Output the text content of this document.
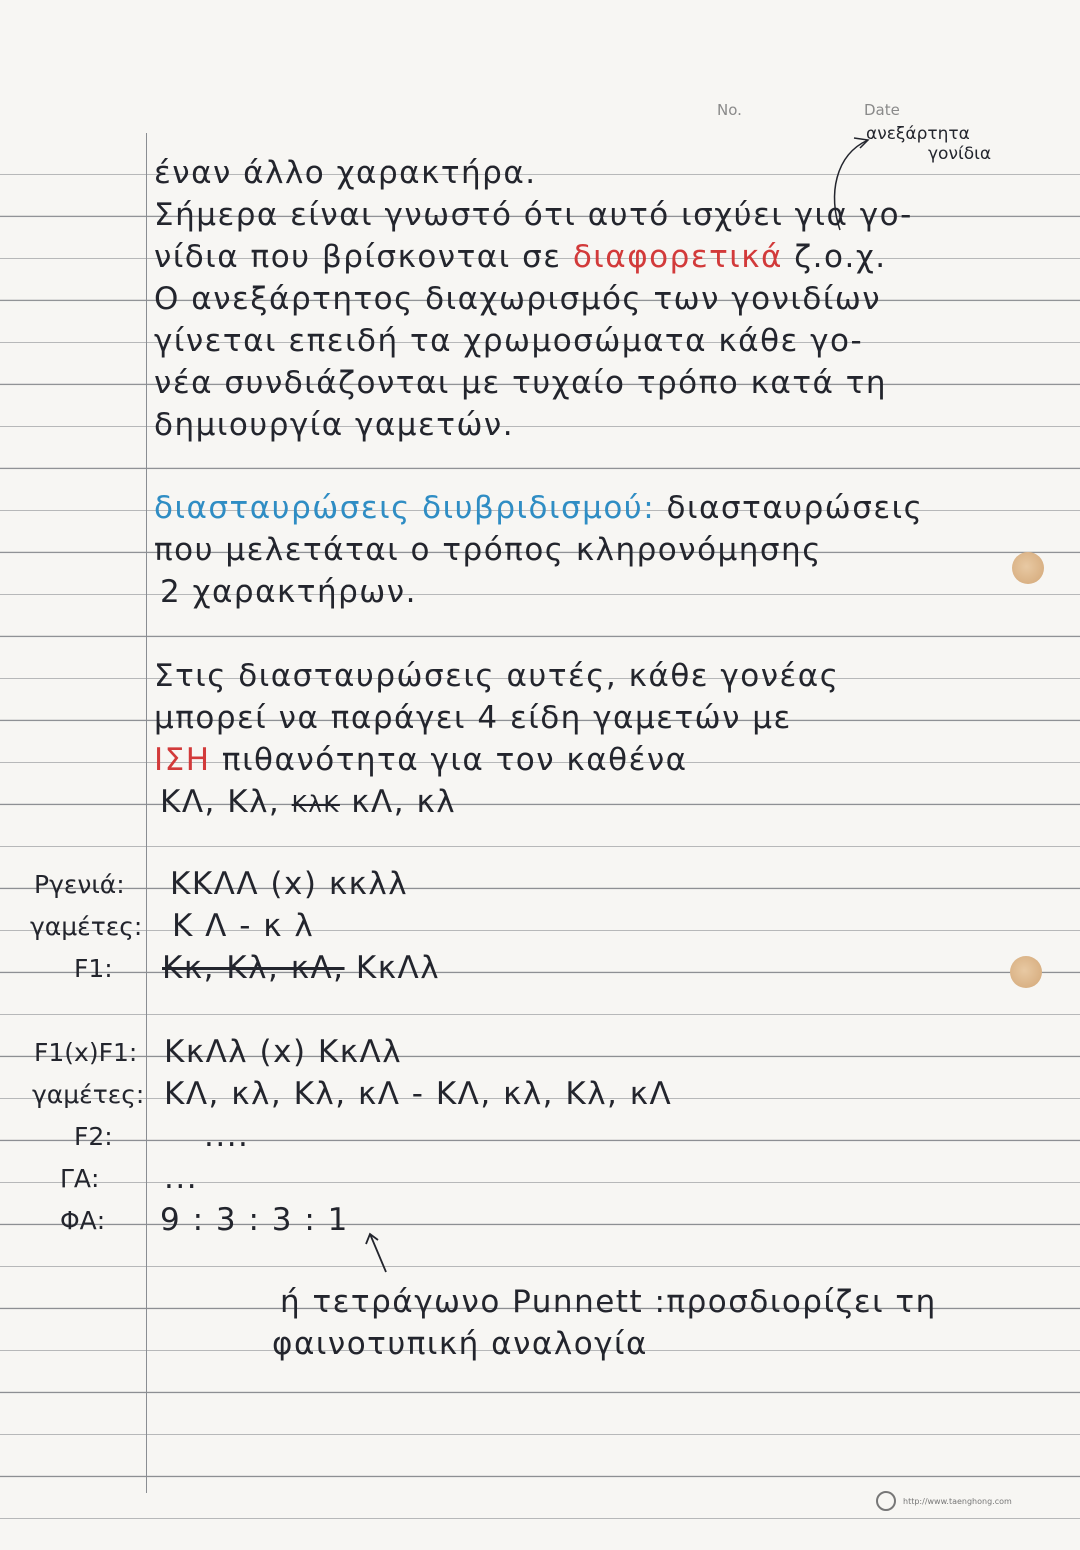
No.	Date
ανεξάρτητα
γονίδια
έναν άλλο χαρακτήρα.
Σήμερα είναι γνωστό ότι αυτό ισχύει για γο-
νίδια που βρίσκονται σε διαφορετικά ζ.ο.χ.
Ο ανεξάρτητος διαχωρισμός των γονιδίων
γίνεται επειδή τα χρωμοσώματα κάθε γο-
νέα συνδιάζονται με τυχαίο τρόπο κατά τη
δημιουργία γαμετών.
διασταυρώσεις διυβριδισμού: διασταυρώσεις
που μελετάται ο τρόπος κληρονόμησης
2 χαρακτήρων.
Στις διασταυρώσεις αυτές, κάθε γονέας
μπορεί να παράγει 4 είδη γαμετών με
ΙΣΗ πιθανότητα για τον καθένα
ΚΛ, Κλ, ΚλΚ κΛ, κλ
Pγενιά: ΚΚΛΛ (x) κκλλ
γαμέτες: Κ Λ - κ λ
F1: Κκ, Κλ, κΛ, ΚκΛλ
F1(x)F1: ΚκΛλ (x) ΚκΛλ
γαμέτες: ΚΛ, κλ, Κλ, κΛ - ΚΛ, κλ, Κλ, κΛ
F2:	....
ΓΑ: ...
ΦΑ: 9 : 3 : 3 : 1
ή τετράγωνο Punnett :προσδιορίζει τη
φαινοτυπική αναλογία
http://www.taenghong.com
